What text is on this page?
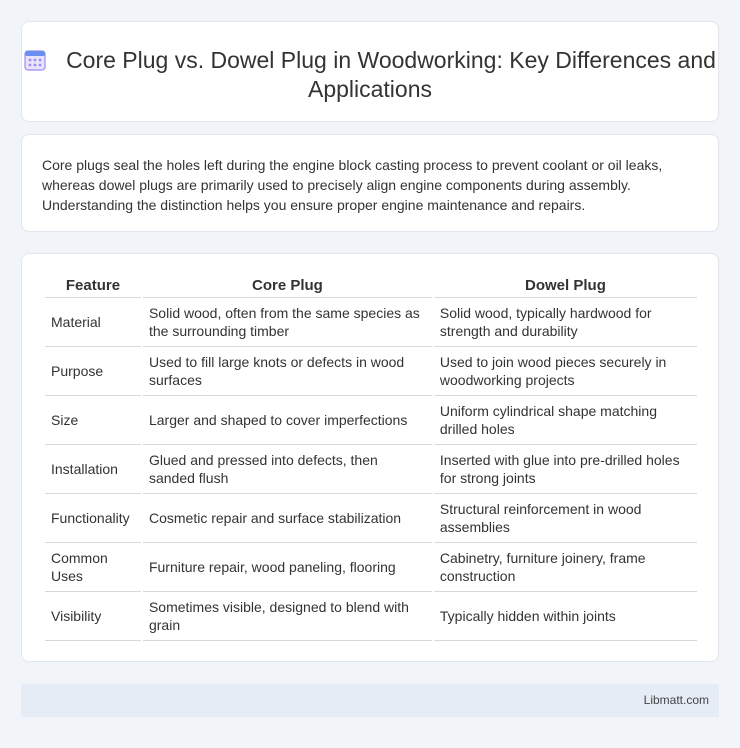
Core Plug vs. Dowel Plug in Woodworking: Key Differences and Applications

Core plugs seal the holes left during the engine block casting process to prevent coolant or oil leaks, whereas dowel plugs are primarily used to precisely align engine components during assembly. Understanding the distinction helps you ensure proper engine maintenance and repairs.

Feature	Core Plug	Dowel Plug
Material	Solid wood, often from the same species as the surrounding timber	Solid wood, typically hardwood for strength and durability
Purpose	Used to fill large knots or defects in wood surfaces	Used to join wood pieces securely in woodworking projects
Size	Larger and shaped to cover imperfections	Uniform cylindrical shape matching drilled holes
Installation	Glued and pressed into defects, then sanded flush	Inserted with glue into pre-drilled holes for strong joints
Functionality	Cosmetic repair and surface stabilization	Structural reinforcement in wood assemblies
Common Uses	Furniture repair, wood paneling, flooring	Cabinetry, furniture joinery, frame construction
Visibility	Sometimes visible, designed to blend with grain	Typically hidden within joints
Libmatt.com
